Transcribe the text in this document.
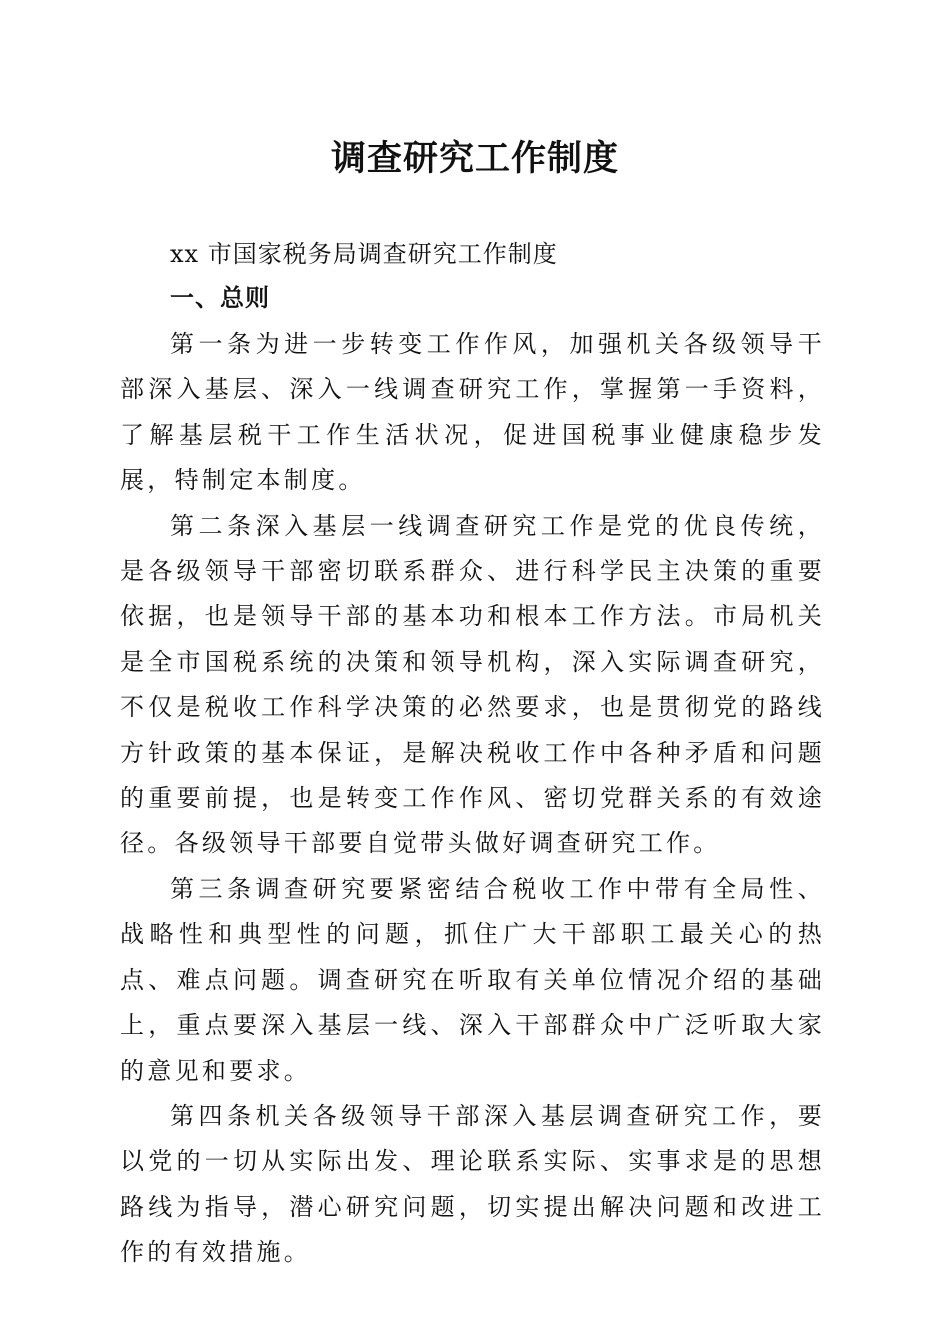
调查研究工作制度

xx 市国家税务局调查研究工作制度

一、总则

第一条为进一步转变工作作风，加强机关各级领导干部深入基层、深入一线调查研究工作，掌握第一手资料，了解基层税干工作生活状况，促进国税事业健康稳步发展，特制定本制度。

第二条深入基层一线调查研究工作是党的优良传统，是各级领导干部密切联系群众、进行科学民主决策的重要依据，也是领导干部的基本功和根本工作方法。市局机关是全市国税系统的决策和领导机构，深入实际调查研究，不仅是税收工作科学决策的必然要求，也是贯彻党的路线方针政策的基本保证，是解决税收工作中各种矛盾和问题的重要前提，也是转变工作作风、密切党群关系的有效途径。各级领导干部要自觉带头做好调查研究工作。

第三条调查研究要紧密结合税收工作中带有全局性、战略性和典型性的问题，抓住广大干部职工最关心的热点、难点问题。调查研究在听取有关单位情况介绍的基础上，重点要深入基层一线、深入干部群众中广泛听取大家的意见和要求。

第四条机关各级领导干部深入基层调查研究工作，要以党的一切从实际出发、理论联系实际、实事求是的思想路线为指导，潜心研究问题，切实提出解决问题和改进工作的有效措施。
